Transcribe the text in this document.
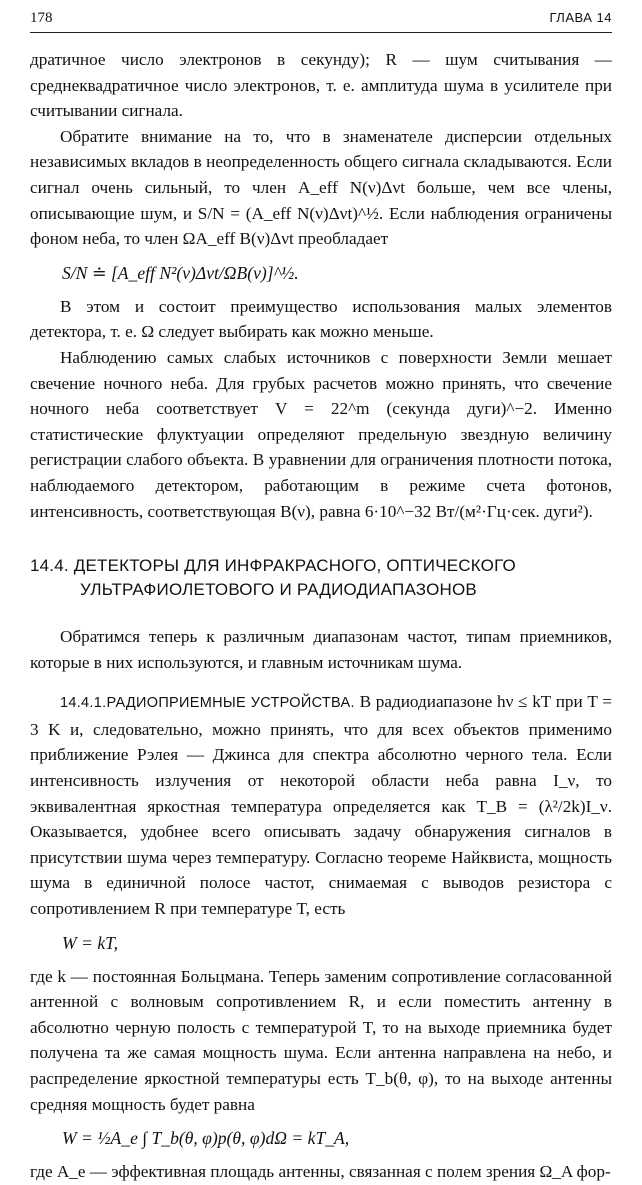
178	ГЛАВА 14

дратичное число электронов в секунду); R — шум считывания — среднеквадратичное число электронов, т. е. амплитуда шума в усилителе при считывании сигнала.

Обратите внимание на то, что в знаменателе дисперсии отдельных независимых вкладов в неопределенность общего сигнала складываются. Если сигнал очень сильный, то член A_eff N(ν)Δνt больше, чем все члены, описывающие шум, и S/N = (A_eff N(ν)Δνt)^½. Если наблюдения ограничены фоном неба, то член ΩA_eff B(ν)Δνt преобладает

S/N ≐ [A_eff N²(ν)Δνt/ΩB(ν)]^½.

В этом и состоит преимущество использования малых элементов детектора, т. е. Ω следует выбирать как можно меньше.

Наблюдению самых слабых источников с поверхности Земли мешает свечение ночного неба. Для грубых расчетов можно принять, что свечение ночного неба соответствует V = 22^m (секунда дуги)^−2. Именно статистические флуктуации определяют предельную звездную величину регистрации слабого объекта. В уравнении для ограничения плотности потока, наблюдаемого детектором, работающим в режиме счета фотонов, интенсивность, соответствующая B(ν), равна 6·10^−32 Вт/(м²·Гц·сек. дуги²).

14.4. ДЕТЕКТОРЫ ДЛЯ ИНФРАКРАСНОГО, ОПТИЧЕСКОГО
УЛЬТРАФИОЛЕТОВОГО И РАДИОДИАПАЗОНОВ

Обратимся теперь к различным диапазонам частот, типам приемников, которые в них используются, и главным источникам шума.

14.4.1.РАДИОПРИЕМНЫЕ УСТРОЙСТВА. В радиодиапазоне hν ≤ kT при T = 3 K и, следовательно, можно принять, что для всех объектов применимо приближение Рэлея — Джинса для спектра абсолютно черного тела. Если интенсивность излучения от некоторой области неба равна I_ν, то эквивалентная яркостная температура определяется как T_B = (λ²/2k)I_ν. Оказывается, удобнее всего описывать задачу обнаружения сигналов в присутствии шума через температуру. Согласно теореме Найквиста, мощность шума в единичной полосе частот, снимаемая с выводов резистора с сопротивлением R при температуре T, есть

W = kT,

где k — постоянная Больцмана. Теперь заменим сопротивление согласованной антенной с волновым сопротивлением R, и если поместить антенну в абсолютно черную полость с температурой T, то на выходе приемника будет получена та же самая мощность шума. Если антенна направлена на небо, и распределение яркостной температуры есть T_b(θ, φ), то на выходе антенны средняя мощность будет равна

W = ½A_e ∫ T_b(θ, φ)p(θ, φ)dΩ = kT_A,

где A_e — эффективная площадь антенны, связанная с полем зрения Ω_A фор-
